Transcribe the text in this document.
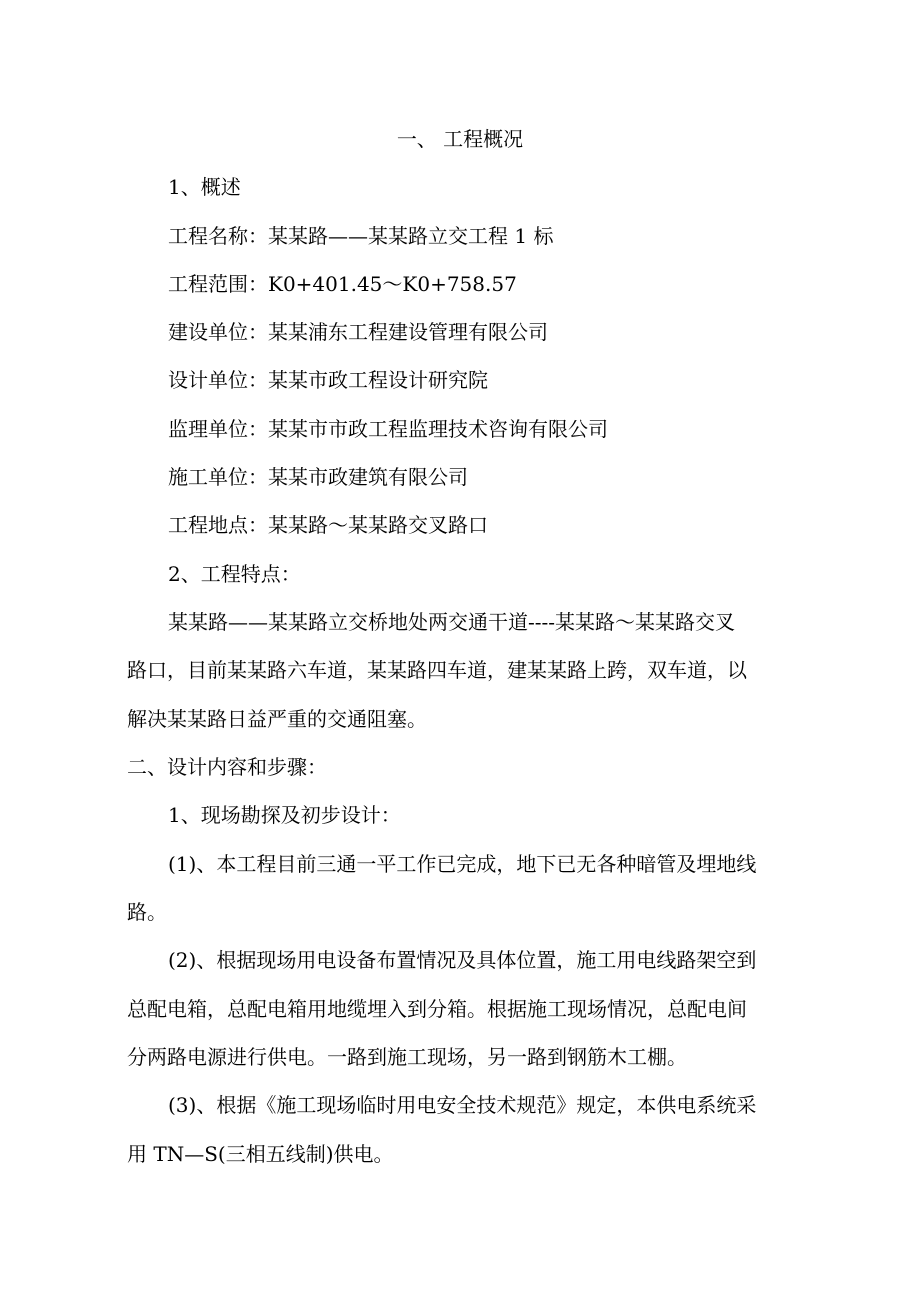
一、 工程概况
1、概述
工程名称：某某路——某某路立交工程 1 标
工程范围：K0+401.45～K0+758.57
建设单位：某某浦东工程建设管理有限公司
设计单位：某某市政工程设计研究院
监理单位：某某市市政工程监理技术咨询有限公司
施工单位：某某市政建筑有限公司
工程地点：某某路～某某路交叉路口
2、工程特点：
某某路——某某路立交桥地处两交通干道----某某路～某某路交叉
路口，目前某某路六车道，某某路四车道，建某某路上跨，双车道，以
解决某某路日益严重的交通阻塞。
二、设计内容和步骤：
1、现场勘探及初步设计：
(1)、本工程目前三通一平工作已完成，地下已无各种暗管及埋地线
路。
(2)、根据现场用电设备布置情况及具体位置，施工用电线路架空到
总配电箱，总配电箱用地缆埋入到分箱。根据施工现场情况，总配电间
分两路电源进行供电。一路到施工现场，另一路到钢筋木工棚。
(3)、根据《施工现场临时用电安全技术规范》规定，本供电系统采
用 TN—S(三相五线制)供电。
